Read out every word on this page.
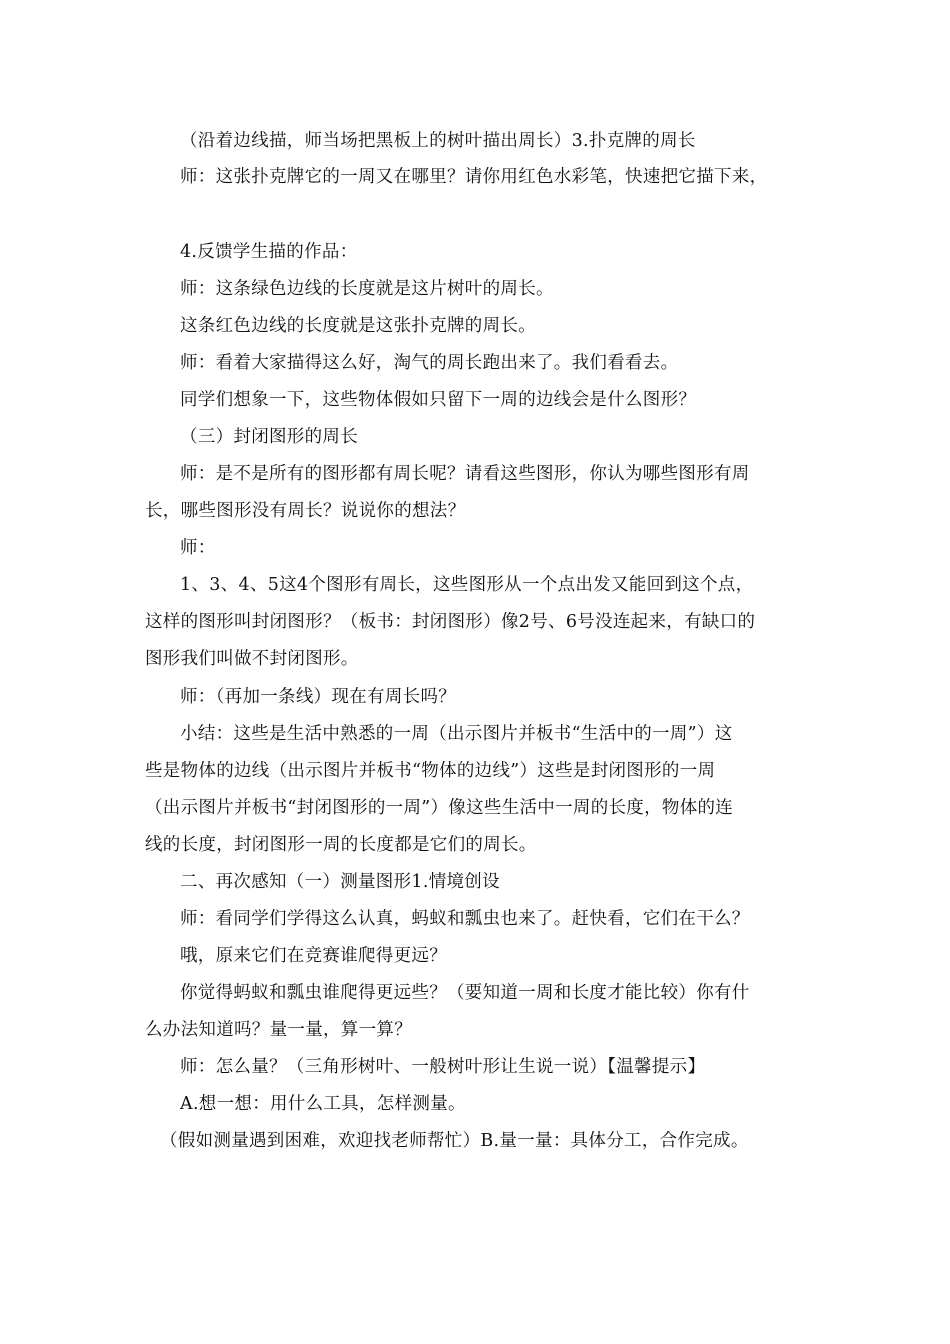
（沿着边线描，师当场把黑板上的树叶描出周长）3.扑克牌的周长
师：这张扑克牌它的一周又在哪里？请你用红色水彩笔，快速把它描下来，
4.反馈学生描的作品：
师：这条绿色边线的长度就是这片树叶的周长。
这条红色边线的长度就是这张扑克牌的周长。
师：看着大家描得这么好，淘气的周长跑出来了。我们看看去。
同学们想象一下，这些物体假如只留下一周的边线会是什么图形？
（三）封闭图形的周长
师：是不是所有的图形都有周长呢？请看这些图形，你认为哪些图形有周
长，哪些图形没有周长？说说你的想法？
师：
1、3、4、5这4个图形有周长，这些图形从一个点出发又能回到这个点，
这样的图形叫封闭图形？（板书：封闭图形）像2号、6号没连起来，有缺口的
图形我们叫做不封闭图形。
师：（再加一条线）现在有周长吗？
小结：这些是生活中熟悉的一周（出示图片并板书“生活中的一周”）这
些是物体的边线（出示图片并板书“物体的边线”）这些是封闭图形的一周
（出示图片并板书“封闭图形的一周”）像这些生活中一周的长度，物体的连
线的长度，封闭图形一周的长度都是它们的周长。
二、再次感知（一）测量图形1.情境创设
师：看同学们学得这么认真，蚂蚁和瓢虫也来了。赶快看，它们在干么？
哦，原来它们在竞赛谁爬得更远？
你觉得蚂蚁和瓢虫谁爬得更远些？（要知道一周和长度才能比较）你有什
么办法知道吗？量一量，算一算？
师：怎么量？（三角形树叶、一般树叶形让生说一说）【温馨提示】
A.想一想：用什么工具，怎样测量。
（假如测量遇到困难，欢迎找老师帮忙）B.量一量：具体分工，合作完成。
